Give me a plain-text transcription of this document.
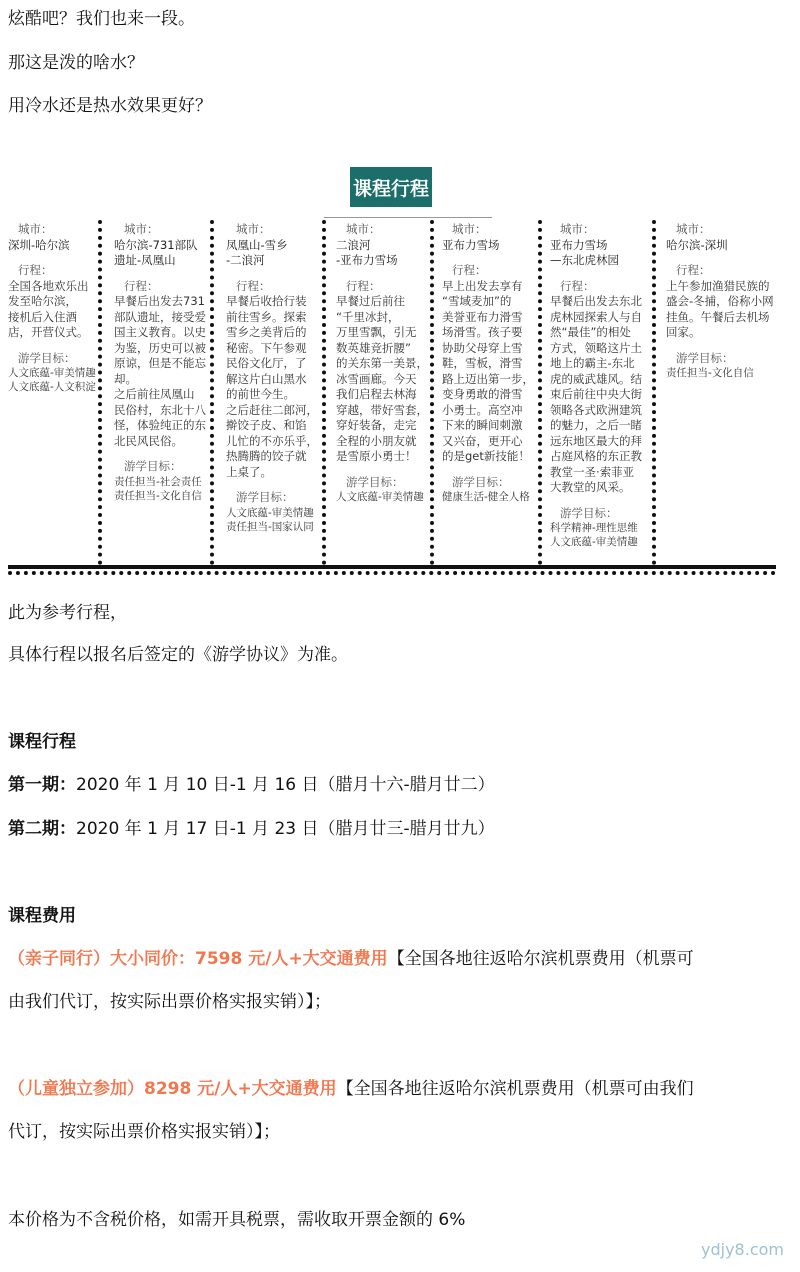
炫酷吧？我们也来一段。
那这是泼的啥水？
用冷水还是热水效果更好？
课程行程
城市：
深圳-哈尔滨
行程：
全国各地欢乐出
发至哈尔滨，
接机后入住酒
店，开营仪式。
游学目标：
人文底蕴-审美情趣
人文底蕴-人文积淀
城市：
哈尔滨-731部队
遗址-凤凰山
行程：
早餐后出发去731
部队遗址，接受爱
国主义教育。以史
为鉴，历史可以被
原谅，但是不能忘
却。
之后前往凤凰山
民俗村，东北十八
怪，体验纯正的东
北民风民俗。
游学目标：
责任担当-社会责任
责任担当-文化自信
城市：
凤凰山-雪乡
-二浪河
行程：
早餐后收拾行装
前往雪乡。探索
雪乡之美背后的
秘密。下午参观
民俗文化厅，了
解这片白山黑水
的前世今生。
之后赶往二郎河，
擀饺子皮、和馅
儿忙的不亦乐乎，
热腾腾的饺子就
上桌了。
游学目标：
人文底蕴-审美情趣
责任担当-国家认同
城市：
二浪河
-亚布力雪场
行程：
早餐过后前往
“千里冰封，
万里雪飘，引无
数英雄竞折腰”
的关东第一美景，
冰雪画廊。今天
我们启程去林海
穿越，带好雪套，
穿好装备，走完
全程的小朋友就
是雪原小勇士！
游学目标：
人文底蕴-审美情趣
城市：
亚布力雪场
行程：
早上出发去享有
“雪域麦加”的
美誉亚布力滑雪
场滑雪。孩子要
协助父母穿上雪
鞋，雪板，滑雪
路上迈出第一步，
变身勇敢的滑雪
小勇士。高空冲
下来的瞬间刺激
又兴奋，更开心
的是get新技能！
游学目标：
健康生活-健全人格
城市：
亚布力雪场
—东北虎林园
行程：
早餐后出发去东北
虎林园探索人与自
然“最佳”的相处
方式，领略这片土
地上的霸主-东北
虎的威武雄风。结
束后前往中央大街
领略各式欧洲建筑
的魅力，之后一睹
远东地区最大的拜
占庭风格的东正教
教堂一圣·索菲亚
大教堂的风采。
游学目标：
科学精神-理性思维
人文底蕴-审美情趣
城市：
哈尔滨-深圳
行程：
上午参加渔猎民族的
盛会-冬捕，俗称小网
挂鱼。午餐后去机场
回家。
游学目标：
责任担当-文化自信
此为参考行程，
具体行程以报名后签定的《游学协议》为准。
课程行程
第一期：2020 年 1 月 10 日-1 月 16 日（腊月十六-腊月廿二）
第二期：2020 年 1 月 17 日-1 月 23 日（腊月廿三-腊月廿九）
课程费用
（亲子同行）大小同价：7598 元/人+大交通费用【全国各地往返哈尔滨机票费用（机票可
由我们代订，按实际出票价格实报实销）】；
（儿童独立参加）8298 元/人+大交通费用【全国各地往返哈尔滨机票费用（机票可由我们
代订，按实际出票价格实报实销）】；
本价格为不含税价格，如需开具税票，需收取开票金额的 6%
ydjy8.com
